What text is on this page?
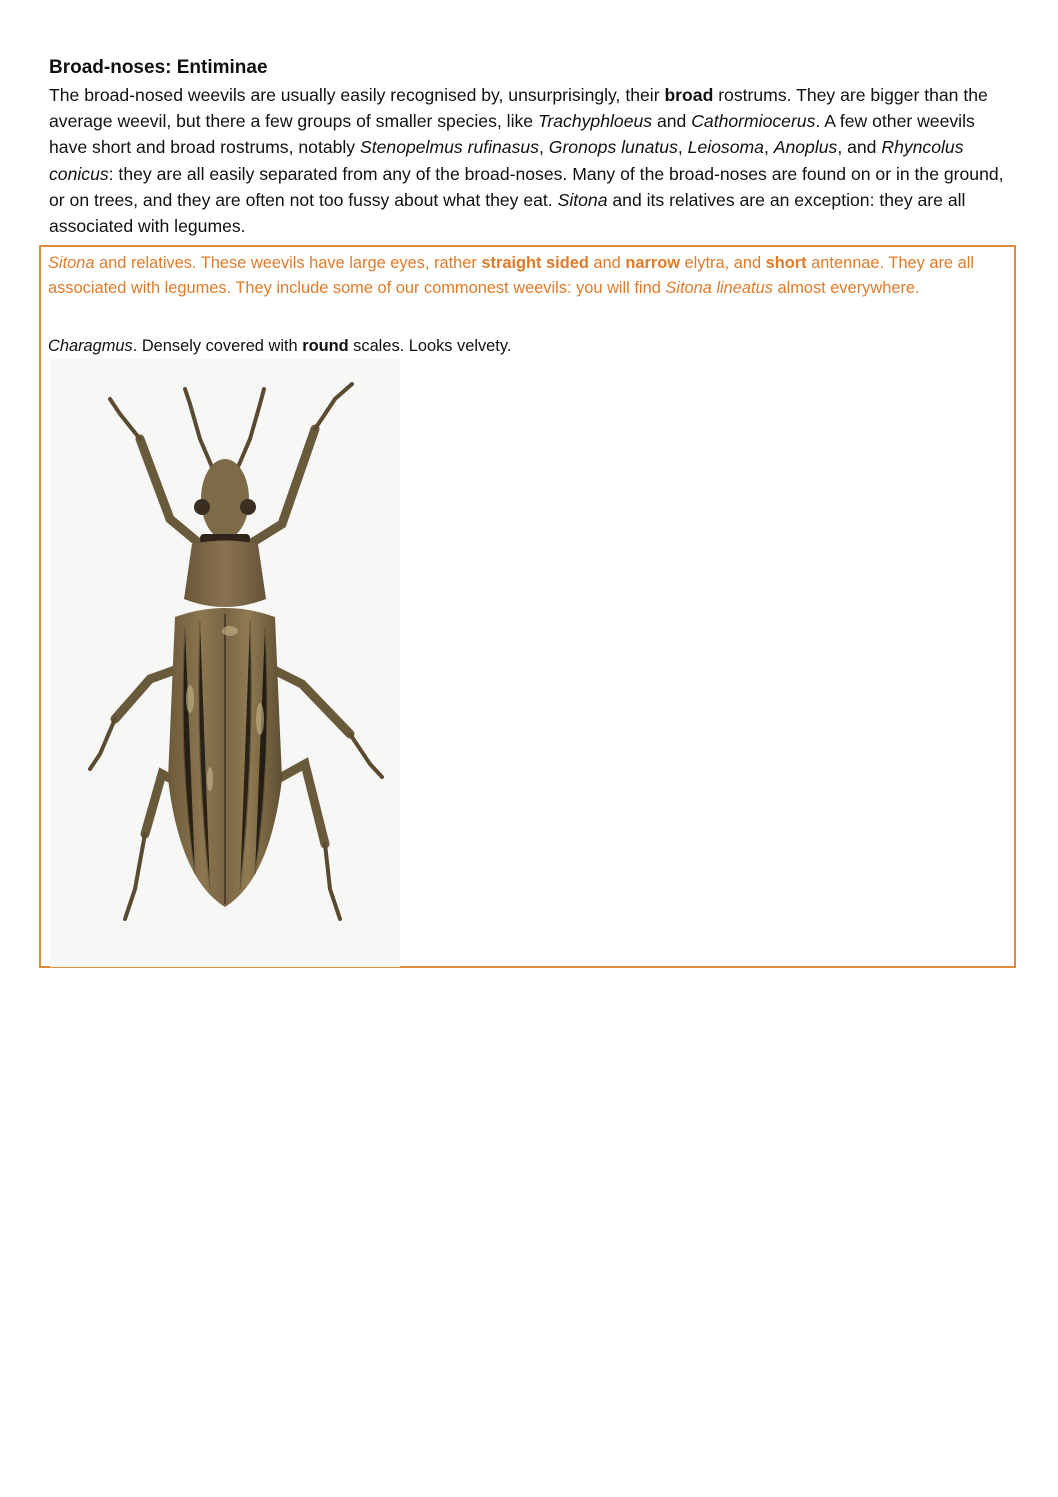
Broad-noses: Entiminae

The broad-nosed weevils are usually easily recognised by, unsurprisingly, their broad rostrums. They are bigger than the average weevil, but there a few groups of smaller species, like Trachyphloeus and Cathormiocerus. A few other weevils have short and broad rostrums, notably Stenopelmus rufinasus, Gronops lunatus, Leiosoma, Anoplus, and Rhyncolus conicus: they are all easily separated from any of the broad-noses. Many of the broad-noses are found on or in the ground, or on trees, and they are often not too fussy about what they eat. Sitona and its relatives are an exception: they are all associated with legumes.

Sitona and relatives. These weevils have large eyes, rather straight sided and narrow elytra, and short antennae. They are all associated with legumes. They include some of our commonest weevils: you will find Sitona lineatus almost everywhere.

Charagmus. Densely covered with round scales. Looks velvety.
